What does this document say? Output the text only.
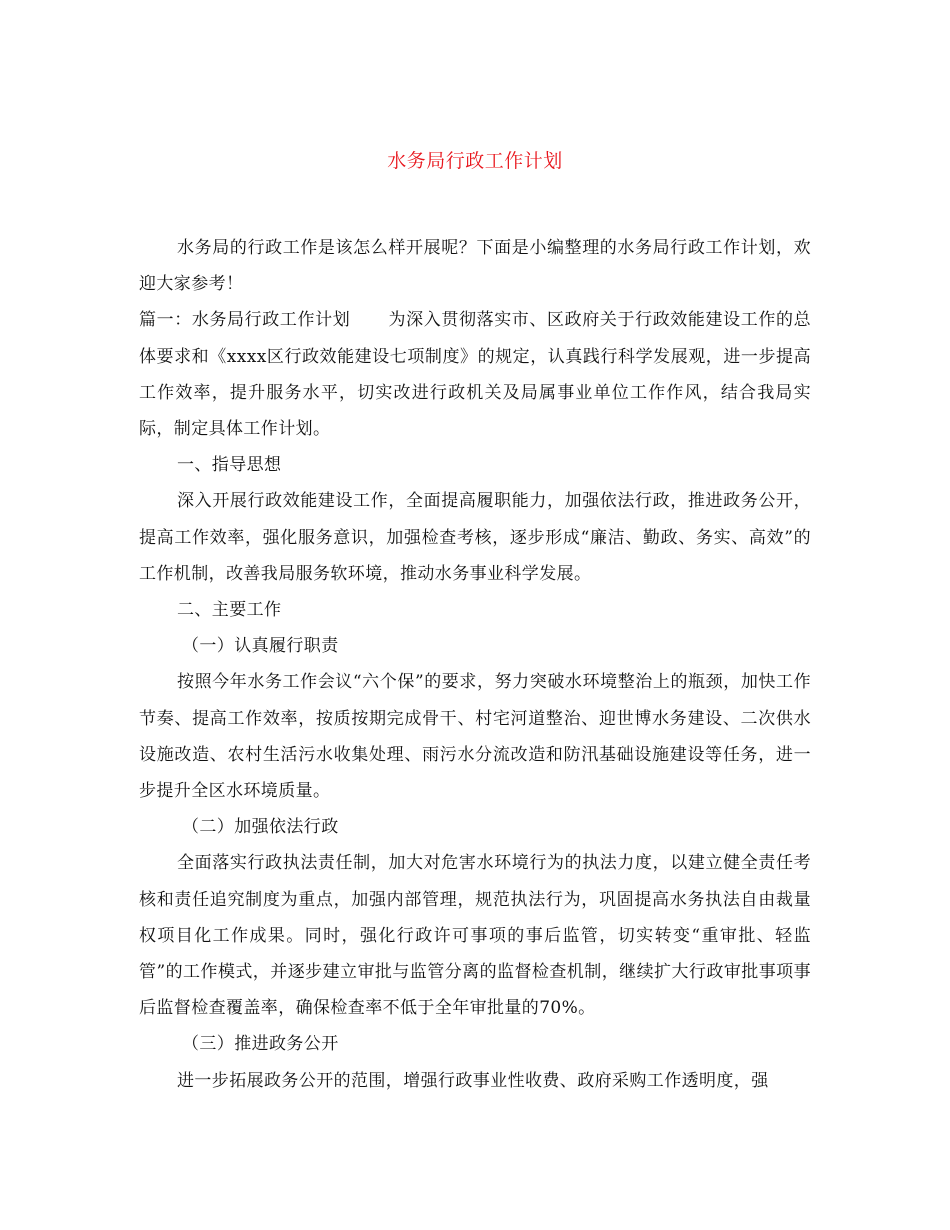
水务局行政工作计划

水务局的行政工作是该怎么样开展呢？下面是小编整理的水务局行政工作计划，欢迎大家参考！

篇一：水务局行政工作计划 为深入贯彻落实市、区政府关于行政效能建设工作的总体要求和《xxxx区行政效能建设七项制度》的规定，认真践行科学发展观，进一步提高工作效率，提升服务水平，切实改进行政机关及局属事业单位工作作风，结合我局实际，制定具体工作计划。

一、指导思想

深入开展行政效能建设工作，全面提高履职能力，加强依法行政，推进政务公开，提高工作效率，强化服务意识，加强检查考核，逐步形成“廉洁、勤政、务实、高效”的工作机制，改善我局服务软环境，推动水务事业科学发展。

二、主要工作

（一）认真履行职责

按照今年水务工作会议“六个保”的要求，努力突破水环境整治上的瓶颈，加快工作节奏、提高工作效率，按质按期完成骨干、村宅河道整治、迎世博水务建设、二次供水设施改造、农村生活污水收集处理、雨污水分流改造和防汛基础设施建设等任务，进一步提升全区水环境质量。

（二）加强依法行政

全面落实行政执法责任制，加大对危害水环境行为的执法力度，以建立健全责任考核和责任追究制度为重点，加强内部管理，规范执法行为，巩固提高水务执法自由裁量权项目化工作成果。同时，强化行政许可事项的事后监管，切实转变“重审批、轻监管”的工作模式，并逐步建立审批与监管分离的监督检查机制，继续扩大行政审批事项事后监督检查覆盖率，确保检查率不低于全年审批量的70%。

（三）推进政务公开

进一步拓展政务公开的范围，增强行政事业性收费、政府采购工作透明度，强
